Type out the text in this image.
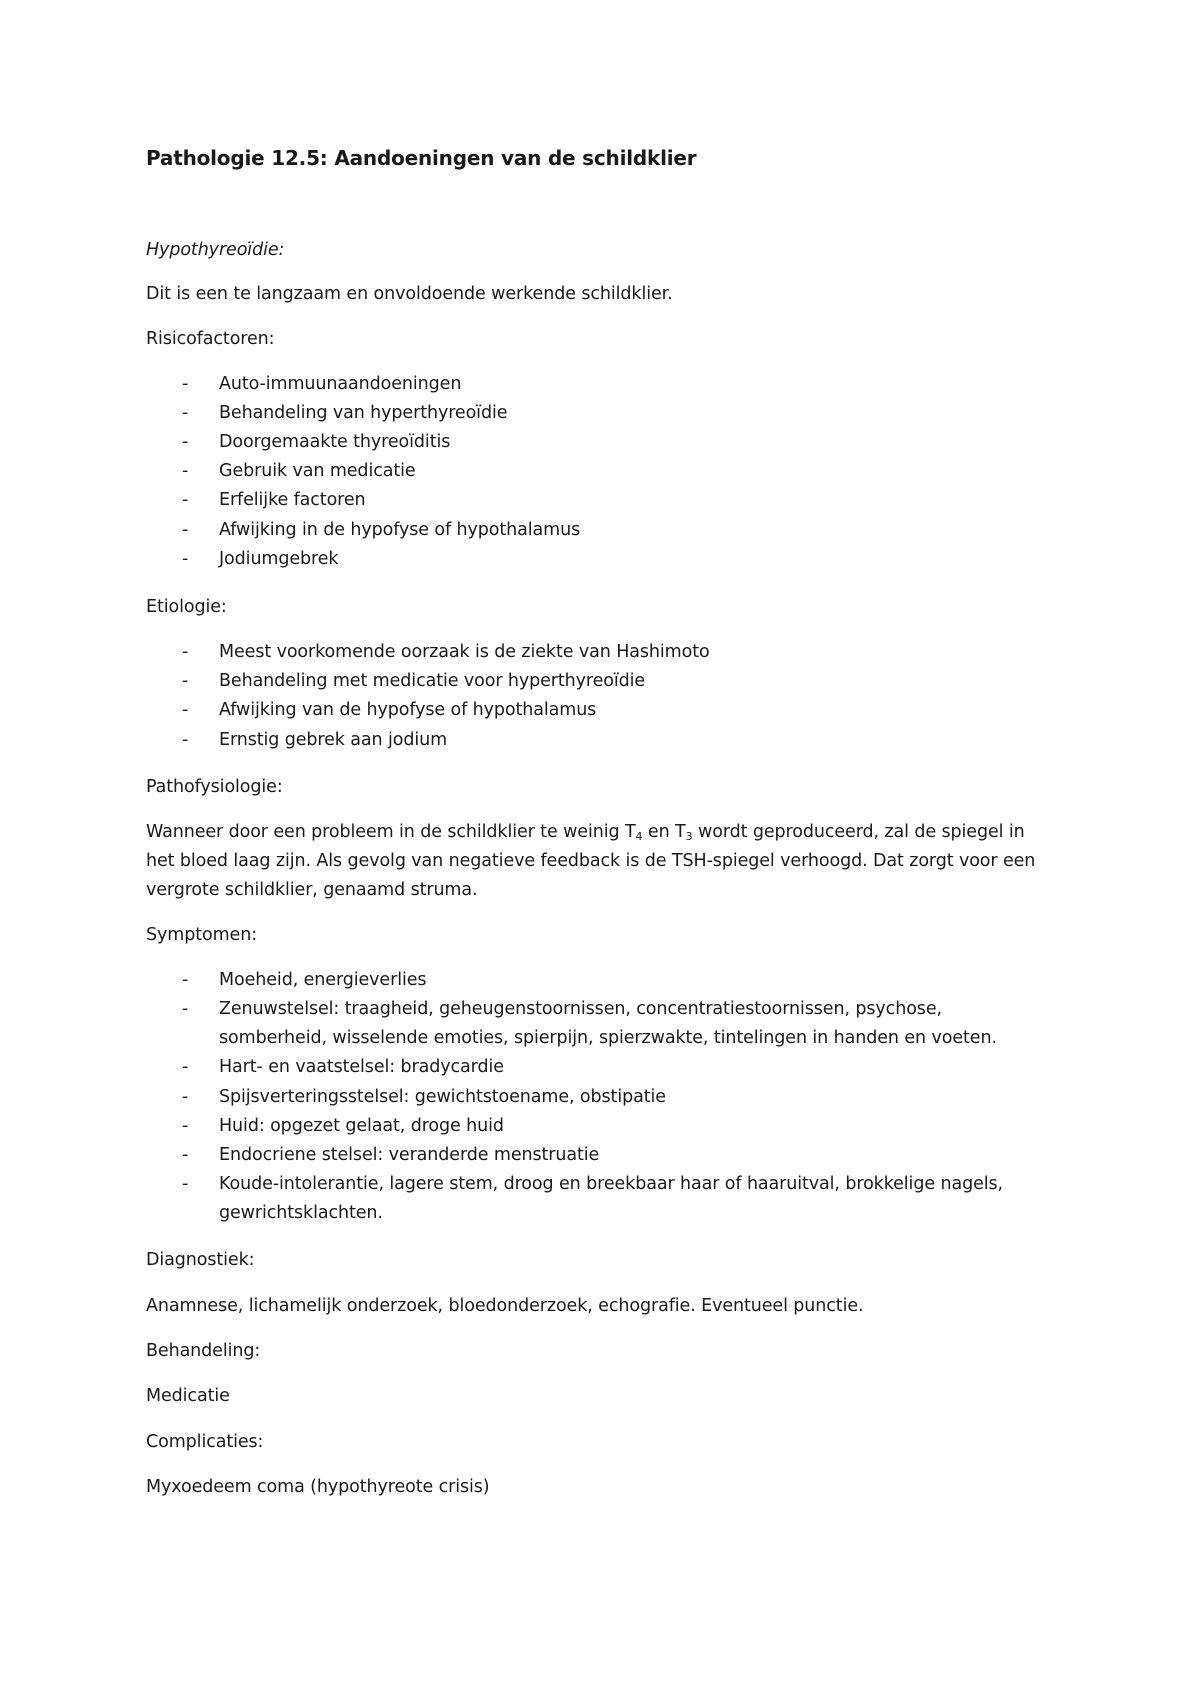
Pathologie 12.5: Aandoeningen van de schildklier
Hypothyreoïdie:
Dit is een te langzaam en onvoldoende werkende schildklier.
Risicofactoren:
- Auto-immuunaandoeningen
- Behandeling van hyperthyreoïdie
- Doorgemaakte thyreoïditis
- Gebruik van medicatie
- Erfelijke factoren
- Afwijking in de hypofyse of hypothalamus
- Jodiumgebrek
Etiologie:
- Meest voorkomende oorzaak is de ziekte van Hashimoto
- Behandeling met medicatie voor hyperthyreoïdie
- Afwijking van de hypofyse of hypothalamus
- Ernstig gebrek aan jodium
Pathofysiologie:
Wanneer door een probleem in de schildklier te weinig $T_4$ en $T_3$ wordt geproduceerd, zal de spiegel in
het bloed laag zijn. Als gevolg van negatieve feedback is de TSH-spiegel verhoogd. Dat zorgt voor een
vergrote schildklier, genaamd struma.
Symptomen:
- Moeheid, energieverlies
- Zenuwstelsel: traagheid, geheugenstoornissen, concentratiestoornissen, psychose,
somberheid, wisselende emoties, spierpijn, spierzwakte, tintelingen in handen en voeten.
- Hart- en vaatstelsel: bradycardie
- Spijsverteringsstelsel: gewichtstoename, obstipatie
- Huid: opgezet gelaat, droge huid
- Endocriene stelsel: veranderde menstruatie
- Koude-intolerantie, lagere stem, droog en breekbaar haar of haaruitval, brokkelige nagels,
gewrichtsklachten.
Diagnostiek:
Anamnese, lichamelijk onderzoek, bloedonderzoek, echografie. Eventueel punctie.
Behandeling:
Medicatie
Complicaties:
Myxoedeem coma (hypothyreote crisis)
